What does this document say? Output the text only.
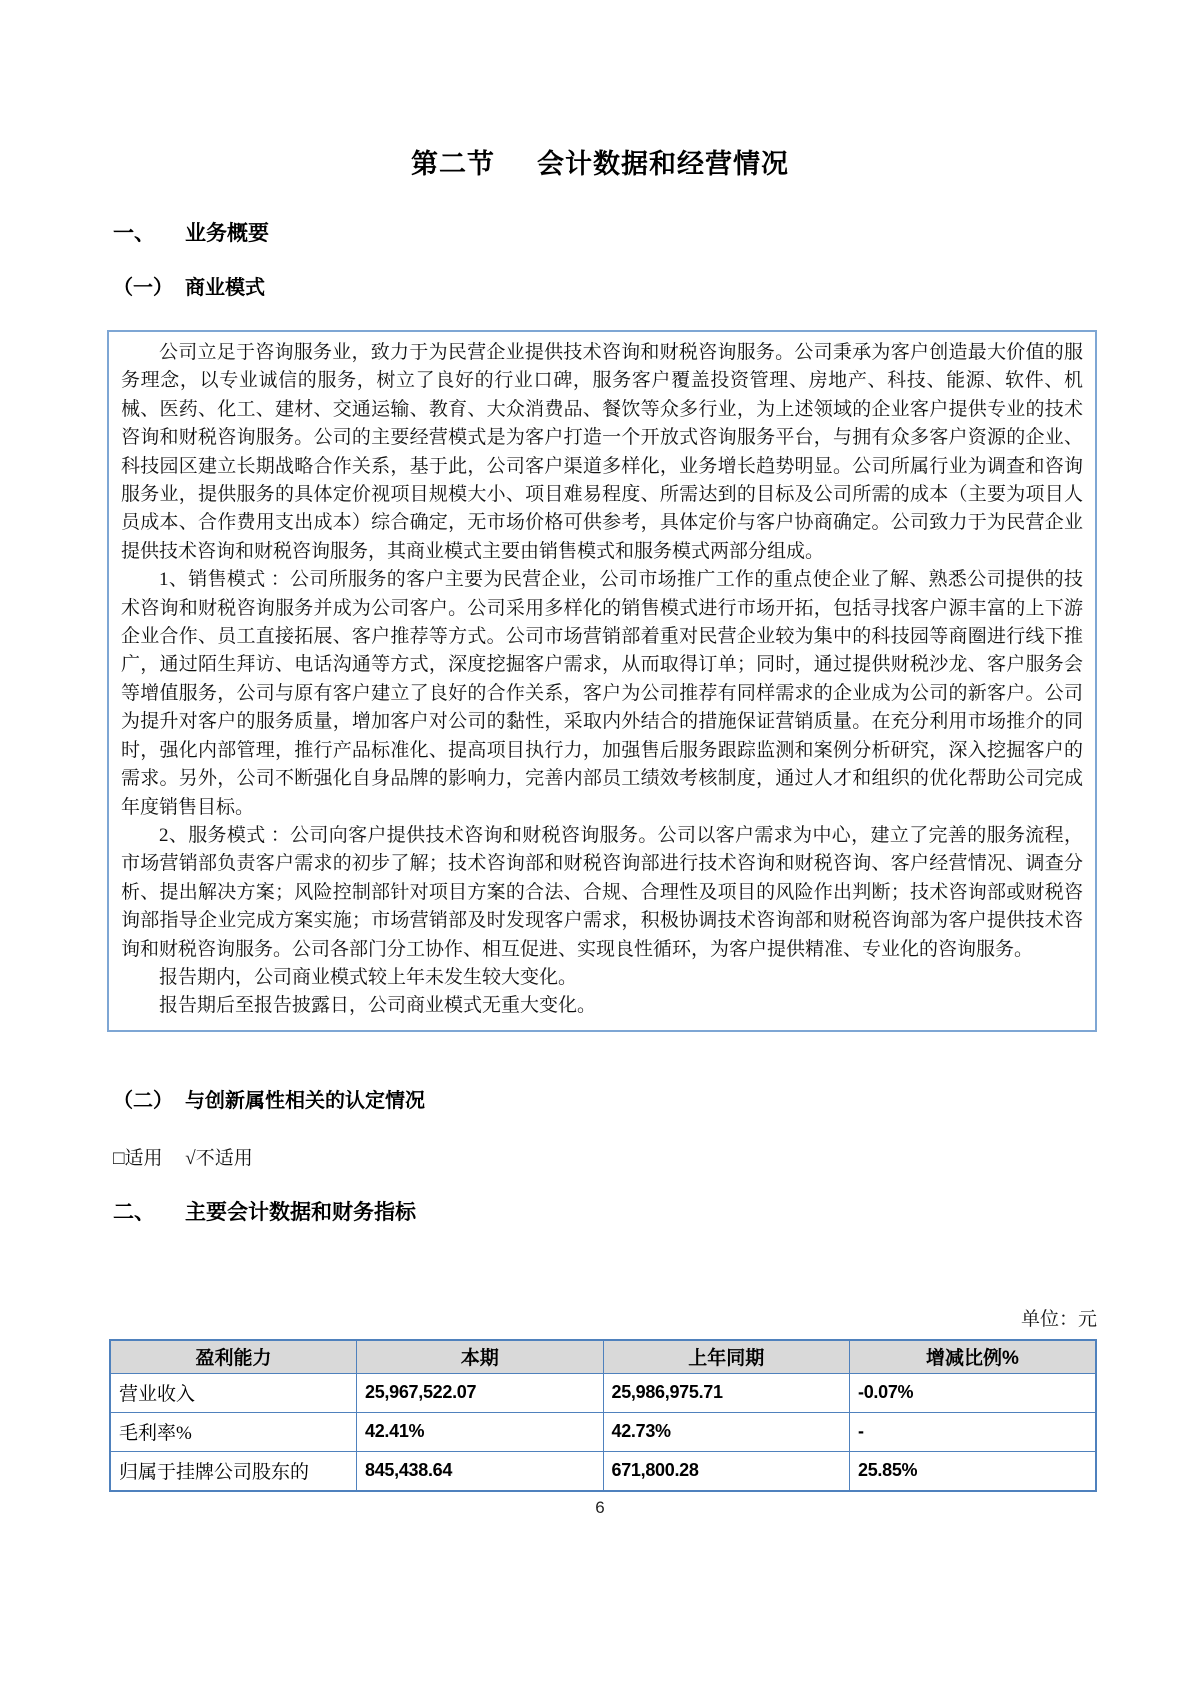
第二节 会计数据和经营情况
一、 业务概要
（一） 商业模式

公司立足于咨询服务业，致力于为民营企业提供技术咨询和财税咨询服务。公司秉承为客户创造最大价值的服务理念，以专业诚信的服务，树立了良好的行业口碑，服务客户覆盖投资管理、房地产、科技、能源、软件、机械、医药、化工、建材、交通运输、教育、大众消费品、餐饮等众多行业，为上述领域的企业客户提供专业的技术咨询和财税咨询服务。公司的主要经营模式是为客户打造一个开放式咨询服务平台，与拥有众多客户资源的企业、科技园区建立长期战略合作关系，基于此，公司客户渠道多样化，业务增长趋势明显。公司所属行业为调查和咨询服务业，提供服务的具体定价视项目规模大小、项目难易程度、所需达到的目标及公司所需的成本（主要为项目人员成本、合作费用支出成本）综合确定，无市场价格可供参考，具体定价与客户协商确定。公司致力于为民营企业提供技术咨询和财税咨询服务，其商业模式主要由销售模式和服务模式两部分组成。

1、销售模式 ：公司所服务的客户主要为民营企业，公司市场推广工作的重点使企业了解、熟悉公司提供的技术咨询和财税咨询服务并成为公司客户。公司采用多样化的销售模式进行市场开拓，包括寻找客户源丰富的上下游企业合作、员工直接拓展、客户推荐等方式。公司市场营销部着重对民营企业较为集中的科技园等商圈进行线下推广，通过陌生拜访、电话沟通等方式，深度挖掘客户需求，从而取得订单；同时，通过提供财税沙龙、客户服务会等增值服务，公司与原有客户建立了良好的合作关系，客户为公司推荐有同样需求的企业成为公司的新客户。公司为提升对客户的服务质量，增加客户对公司的黏性，采取内外结合的措施保证营销质量。在充分利用市场推介的同时，强化内部管理，推行产品标准化、提高项目执行力，加强售后服务跟踪监测和案例分析研究，深入挖掘客户的需求。另外，公司不断强化自身品牌的影响力，完善内部员工绩效考核制度，通过人才和组织的优化帮助公司完成年度销售目标。

2、服务模式 ：公司向客户提供技术咨询和财税咨询服务。公司以客户需求为中心，建立了完善的服务流程，市场营销部负责客户需求的初步了解；技术咨询部和财税咨询部进行技术咨询和财税咨询、客户经营情况、调查分析、提出解决方案；风险控制部针对项目方案的合法、合规、合理性及项目的风险作出判断；技术咨询部或财税咨询部指导企业完成方案实施；市场营销部及时发现客户需求，积极协调技术咨询部和财税咨询部为客户提供技术咨询和财税咨询服务。公司各部门分工协作、相互促进、实现良性循环，为客户提供精准、专业化的咨询服务。

报告期内，公司商业模式较上年未发生较大变化。

报告期后至报告披露日，公司商业模式无重大变化。

（二） 与创新属性相关的认定情况
□适用 √不适用
二、 主要会计数据和财务指标
单位：元
盈利能力	本期	上年同期	增减比例%
营业收入	25,967,522.07	25,986,975.71	-0.07%
毛利率%	42.41%	42.73%	-
归属于挂牌公司股东的	845,438.64	671,800.28	25.85%
6
